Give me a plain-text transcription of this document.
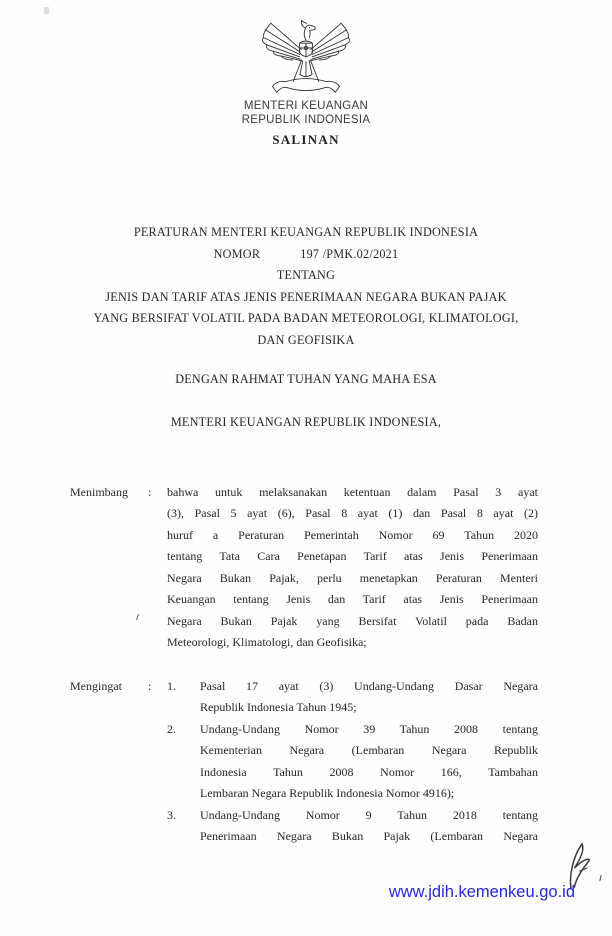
MENTERI KEUANGAN
REPUBLIK INDONESIA
SALINAN
PERATURAN MENTERI KEUANGAN REPUBLIK INDONESIA
NOMOR	197 /PMK.02/2021
TENTANG
JENIS DAN TARIF ATAS JENIS PENERIMAAN NEGARA BUKAN PAJAK
YANG BERSIFAT VOLATIL PADA BADAN METEOROLOGI, KLIMATOLOGI,
DAN GEOFISIKA
DENGAN RAHMAT TUHAN YANG MAHA ESA
MENTERI KEUANGAN REPUBLIK INDONESIA,
Menimbang	:	bahwa untuk melaksanakan ketentuan dalam Pasal 3 ayat
(3), Pasal 5 ayat (6), Pasal 8 ayat (1) dan Pasal 8 ayat (2)
huruf a Peraturan Pemerintah Nomor 69 Tahun 2020
tentang Tata Cara Penetapan Tarif atas Jenis Penerimaan
Negara Bukan Pajak, perlu menetapkan Peraturan Menteri
Keuangan tentang Jenis dan Tarif atas Jenis Penerimaan
Negara Bukan Pajak yang Bersifat Volatil pada Badan
Meteorologi, Klimatologi, dan Geofisika;
Mengingat	:	1.	Pasal 17 ayat (3) Undang-Undang Dasar Negara
Republik Indonesia Tahun 1945;
2.	Undang-Undang Nomor 39 Tahun 2008 tentang
Kementerian Negara (Lembaran Negara Republik
Indonesia Tahun 2008 Nomor 166, Tambahan
Lembaran Negara Republik Indonesia Nomor 4916);
3.	Undang-Undang Nomor 9 Tahun 2018 tentang
Penerimaan Negara Bukan Pajak (Lembaran Negara
www.jdih.kemenkeu.go.id
